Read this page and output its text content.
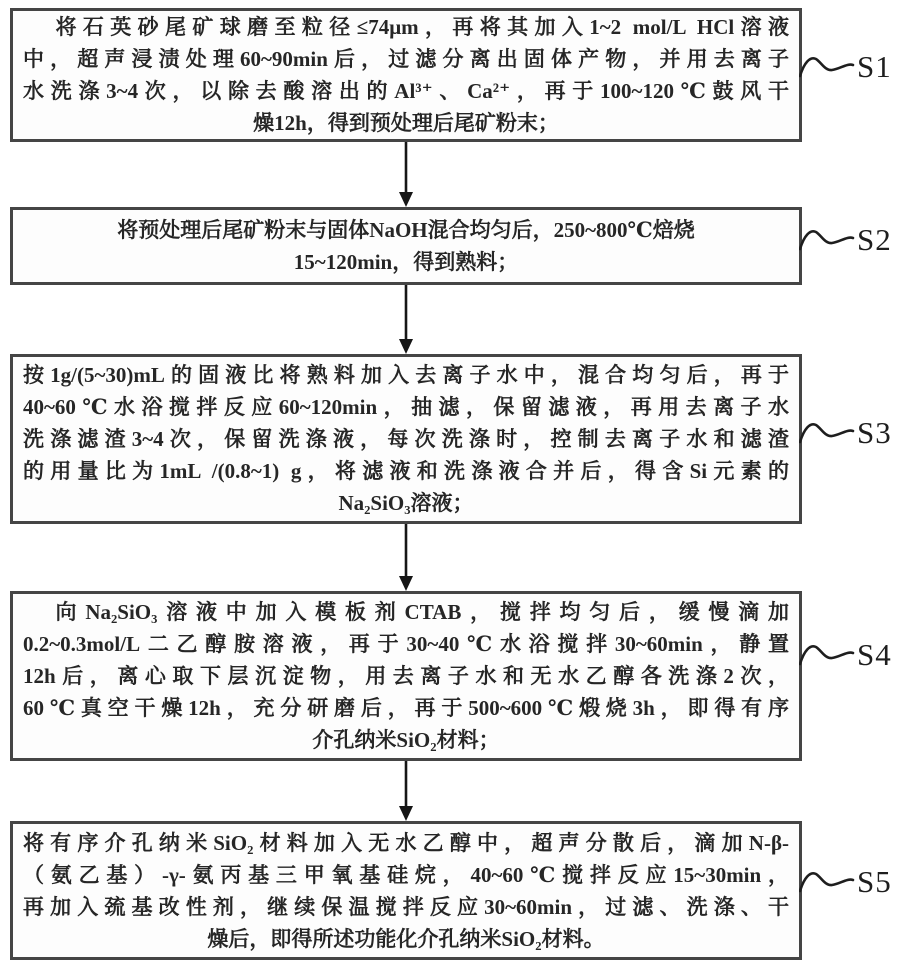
将石英砂尾矿球磨至粒径≤74μm，再将其加入1~2 mol/L HCl溶液
中，超声浸渍处理60~90min后，过滤分离出固体产物，并用去离子
水洗涤3~4次，以除去酸溶出的Al³⁺、Ca²⁺，再于100~120℃鼓风干
燥12h，得到预处理后尾矿粉末；
将预处理后尾矿粉末与固体NaOH混合均匀后，250~800℃焙烧
15~120min，得到熟料；
按1g/(5~30)mL的固液比将熟料加入去离子水中，混合均匀后，再于
40~60℃水浴搅拌反应60~120min，抽滤，保留滤液，再用去离子水
洗涤滤渣3~4次，保留洗涤液，每次洗涤时，控制去离子水和滤渣
的用量比为1mL /(0.8~1) g，将滤液和洗涤液合并后，得含Si元素的
Na₂SiO₃溶液；
向Na₂SiO₃溶液中加入模板剂CTAB，搅拌均匀后，缓慢滴加
0.2~0.3mol/L二乙醇胺溶液，再于30~40℃水浴搅拌30~60min，静置
12h后，离心取下层沉淀物，用去离子水和无水乙醇各洗涤2次，
60℃真空干燥12h，充分研磨后，再于500~600℃煅烧3h，即得有序
介孔纳米SiO₂材料；
将有序介孔纳米SiO₂材料加入无水乙醇中，超声分散后，滴加N-β-
（氨乙基）-γ-氨丙基三甲氧基硅烷，40~60℃搅拌反应15~30min，
再加入巯基改性剂，继续保温搅拌反应30~60min，过滤、洗涤、干
燥后，即得所述功能化介孔纳米SiO₂材料。
S1
S2
S3
S4
S5
